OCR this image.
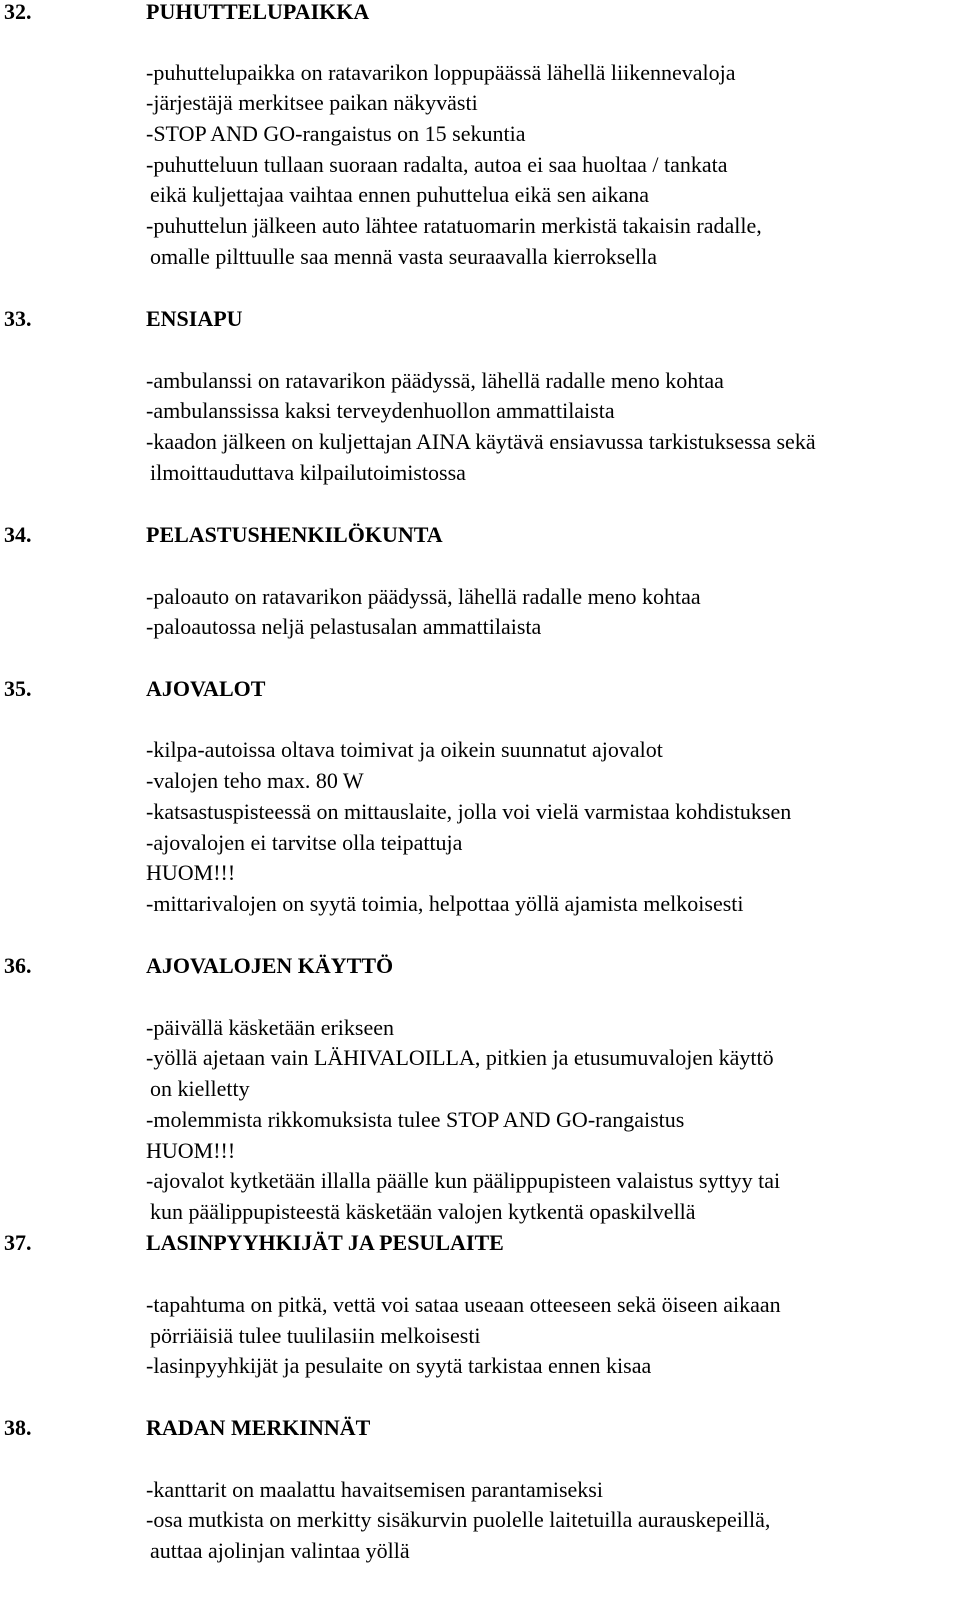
32.	PUHUTTELUPAIKKA
-puhuttelupaikka on ratavarikon loppupäässä lähellä liikennevaloja
-järjestäjä merkitsee paikan näkyvästi
-STOP AND GO-rangaistus on 15 sekuntia
-puhutteluun tullaan suoraan radalta, autoa ei saa huoltaa / tankata
eikä kuljettajaa vaihtaa ennen puhuttelua eikä sen aikana
-puhuttelun jälkeen auto lähtee ratatuomarin merkistä takaisin radalle,
omalle pilttuulle saa mennä vasta seuraavalla kierroksella
33.	ENSIAPU
-ambulanssi on ratavarikon päädyssä, lähellä radalle meno kohtaa
-ambulanssissa kaksi terveydenhuollon ammattilaista
-kaadon jälkeen on kuljettajan AINA käytävä ensiavussa tarkistuksessa sekä
ilmoittauduttava kilpailutoimistossa
34.	PELASTUSHENKILÖKUNTA
-paloauto on ratavarikon päädyssä, lähellä radalle meno kohtaa
-paloautossa neljä pelastusalan ammattilaista
35.	AJOVALOT
-kilpa-autoissa oltava toimivat ja oikein suunnatut ajovalot
-valojen teho max. 80 W
-katsastuspisteessä on mittauslaite, jolla voi vielä varmistaa kohdistuksen
-ajovalojen ei tarvitse olla teipattuja
HUOM!!!
-mittarivalojen on syytä toimia, helpottaa yöllä ajamista melkoisesti
36.	AJOVALOJEN KÄYTTÖ
-päivällä käsketään erikseen
-yöllä ajetaan vain LÄHIVALOILLA, pitkien ja etusumuvalojen käyttö
on kielletty
-molemmista rikkomuksista tulee STOP AND GO-rangaistus
HUOM!!!
-ajovalot kytketään illalla päälle kun päälippupisteen valaistus syttyy tai
kun päälippupisteestä käsketään valojen kytkentä opaskilvellä
37.	LASINPYYHKIJÄT JA PESULAITE
-tapahtuma on pitkä, vettä voi sataa useaan otteeseen sekä öiseen aikaan
pörriäisiä tulee tuulilasiin melkoisesti
-lasinpyyhkijät ja pesulaite on syytä tarkistaa ennen kisaa
38.	RADAN MERKINNÄT
-kanttarit on maalattu havaitsemisen parantamiseksi
-osa mutkista on merkitty sisäkurvin puolelle laitetuilla aurauskepeillä,
auttaa ajolinjan valintaa yöllä
